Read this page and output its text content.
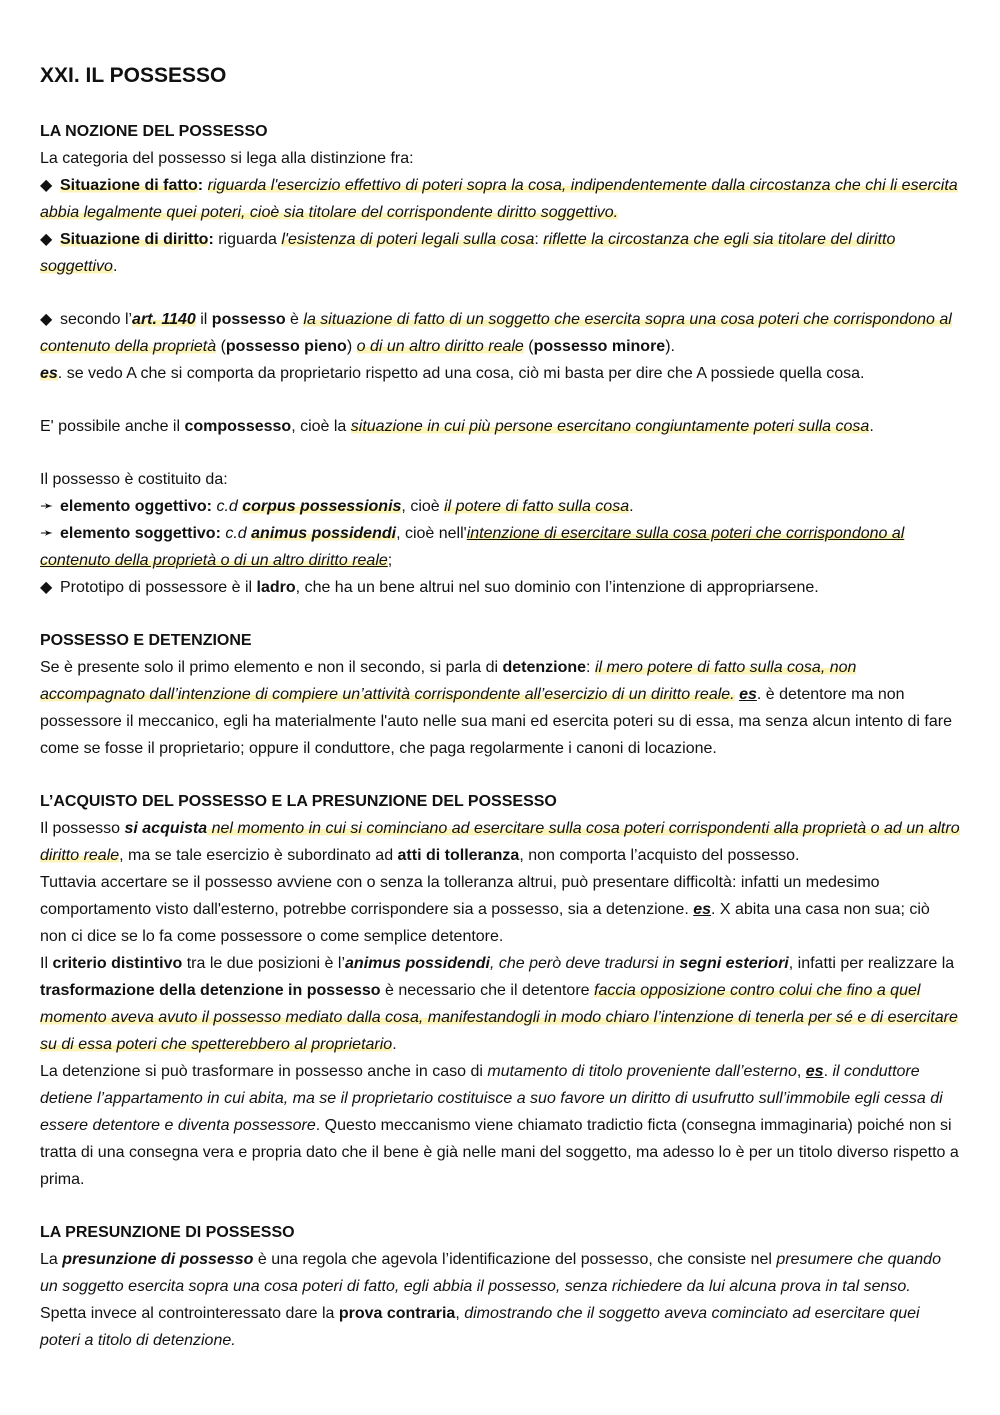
XXI. IL POSSESSO
LA NOZIONE DEL POSSESSO

La categoria del possesso si lega alla distinzione fra:

◆ Situazione di fatto: riguarda l'esercizio effettivo di poteri sopra la cosa, indipendentemente dalla circostanza che chi li esercita abbia legalmente quei poteri, cioè sia titolare del corrispondente diritto soggettivo.

◆ Situazione di diritto: riguarda l'esistenza di poteri legali sulla cosa: riflette la circostanza che egli sia titolare del diritto soggettivo.

◆ secondo l’art. 1140 il possesso è la situazione di fatto di un soggetto che esercita sopra una cosa poteri che corrispondono al contenuto della proprietà (possesso pieno) o di un altro diritto reale (possesso minore).

es. se vedo A che si comporta da proprietario rispetto ad una cosa, ciò mi basta per dire che A possiede quella cosa.

E' possibile anche il compossesso, cioè la situazione in cui più persone esercitano congiuntamente poteri sulla cosa.

Il possesso è costituito da:

➛ elemento oggettivo: c.d corpus possessionis, cioè il potere di fatto sulla cosa.

➛ elemento soggettivo: c.d animus possidendi, cioè nell'intenzione di esercitare sulla cosa poteri che corrispondono al contenuto della proprietà o di un altro diritto reale;

◆ Prototipo di possessore è il ladro, che ha un bene altrui nel suo dominio con l’intenzione di appropriarsene.

POSSESSO E DETENZIONE

Se è presente solo il primo elemento e non il secondo, si parla di detenzione: il mero potere di fatto sulla cosa, non accompagnato dall’intenzione di compiere un’attività corrispondente all’esercizio di un diritto reale. es. è detentore ma non possessore il meccanico, egli ha materialmente l'auto nelle sua mani ed esercita poteri su di essa, ma senza alcun intento di fare come se fosse il proprietario; oppure il conduttore, che paga regolarmente i canoni di locazione.

L’ACQUISTO DEL POSSESSO E LA PRESUNZIONE DEL POSSESSO

Il possesso si acquista nel momento in cui si cominciano ad esercitare sulla cosa poteri corrispondenti alla proprietà o ad un altro diritto reale, ma se tale esercizio è subordinato ad atti di tolleranza, non comporta l’acquisto del possesso.

Tuttavia accertare se il possesso avviene con o senza la tolleranza altrui, può presentare difficoltà: infatti un medesimo comportamento visto dall'esterno, potrebbe corrispondere sia a possesso, sia a detenzione. es. X abita una casa non sua; ciò non ci dice se lo fa come possessore o come semplice detentore.

Il criterio distintivo tra le due posizioni è l’animus possidendi, che però deve tradursi in segni esteriori, infatti per realizzare la trasformazione della detenzione in possesso è necessario che il detentore faccia opposizione contro colui che fino a quel momento aveva avuto il possesso mediato dalla cosa, manifestandogli in modo chiaro l’intenzione di tenerla per sé e di esercitare su di essa poteri che spetterebbero al proprietario.

La detenzione si può trasformare in possesso anche in caso di mutamento di titolo proveniente dall’esterno, es. il conduttore detiene l’appartamento in cui abita, ma se il proprietario costituisce a suo favore un diritto di usufrutto sull’immobile egli cessa di essere detentore e diventa possessore. Questo meccanismo viene chiamato tradictio ficta (consegna immaginaria) poiché non si tratta di una consegna vera e propria dato che il bene è già nelle mani del soggetto, ma adesso lo è per un titolo diverso rispetto a prima.

LA PRESUNZIONE DI POSSESSO

La presunzione di possesso è una regola che agevola l’identificazione del possesso, che consiste nel presumere che quando un soggetto esercita sopra una cosa poteri di fatto, egli abbia il possesso, senza richiedere da lui alcuna prova in tal senso. Spetta invece al controinteressato dare la prova contraria, dimostrando che il soggetto aveva cominciato ad esercitare quei poteri a titolo di detenzione.
